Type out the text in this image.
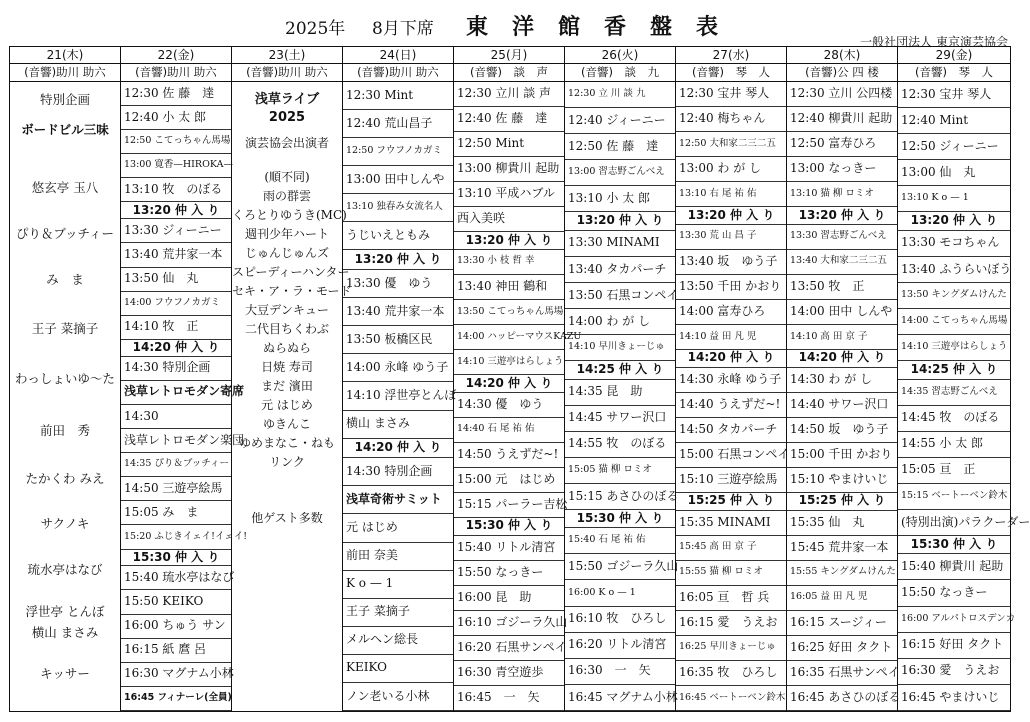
2025年 8月下席 東洋館香盤表
一般社団法人 東京演芸協会
21(木)
(音響)助川 助六
特別企画
ボードビル三味
悠玄亭 玉八
ぴり＆ブッチィー
み　ま
王子 菜摘子
わっしょいゆ～た
前田　秀
たかくわ みえ
サクノキ
琉水亭はなび
浮世亭 とんぼ
横山 まさみ
キッサー
22(金)
(音響)助川 助六
12:30 佐 藤　達
12:40 小 太 郎
12:50 こてっちゃん馬場
13:00 寛香—HIROKA—
13:10 牧　のぼる
13:20 仲 入 り
13:30 ジィーニー
13:40 荒井家一本
13:50 仙　丸
14:00 フウフノカガミ
14:10 牧　正
14:20 仲 入 り
14:30 特別企画
浅草レトロモダン寄席
14:30
浅草レトロモダン楽団
14:35 ぴり＆ブッチィー
14:50 三遊亭絵馬
15:05 み　ま
15:20 ふじきイェイ!イェイ!
15:30 仲 入 り
15:40 琉水亭はなび
15:50 KEIKO
16:00 ちゅう サン
16:15 紙 麿 呂
16:30 マグナム小林
16:45 フィナーレ(全員)
23(土)
(音響)助川 助六
浅草ライブ
2025
演芸協会出演者
(順不同)
雨の群雲
くろとりゆうき(MC)
週刊少年ハート
じゅんじゅんズ
スピーディーハンター
セキ・ア・ラ・モード
大豆デンキュー
二代目ちくわぶ
ぬらぬら
日焼 寿司
まだ 濱田
元 はじめ
ゆきんこ
ゆめまなこ・ねも
リンク
他ゲスト多数
24(日)
(音響)助川 助六
12:30 Mint
12:40 荒山昌子
12:50 フウフノカガミ
13:00 田中しんや
13:10 独春み女流名人
うじいえともみ
13:20 仲 入 り
13:30 優　ゆう
13:40 荒井家一本
13:50 板橋区民
14:00 永峰 ゆう子
14:10 浮世亭とんぼ
横山 まさみ
14:20 仲 入 り
14:30 特別企画
浅草奇術サミット
元 はじめ
前田 奈美
K o — 1
王子 菜摘子
メルヘン総長
KEIKO
ノン老いる小林
25(月)
(音響)　談　声
12:30 立川 談 声
12:40 佐 藤　達
12:50 Mint
13:00 柳貴川 起助
13:10 平成ハブル
西入美咲
13:20 仲 入 り
13:30 小 枝 哲 幸
13:40 神田 鶴和
13:50 こてっちゃん馬場
14:00 ハッピーマウスKAZU
14:10 三遊亭はらしょう
14:20 仲 入 り
14:30 優　ゆう
14:40 石 尾 祐 佑
14:50 うえずだ~!
15:00 元　はじめ
15:15 パーラー吉松
15:30 仲 入 り
15:40 リトル清宮
15:50 なっきー
16:00 昆　助
16:10 ゴジーラ久山
16:20 石黒サンペイ
16:30 青空遊歩
16:45　一　矢
26(火)
(音響)　談　九
12:30 立 川 談 九
12:40 ジィーニー
12:50 佐 藤　達
13:00 習志野ごんべえ
13:10 小 太 郎
13:20 仲 入 り
13:30 MINAMI
13:40 タカパーチ
13:50 石黒コンペイ
14:00 わ が し
14:10 早川きょーじゅ
14:25 仲 入 り
14:35 昆　助
14:45 サワー沢口
14:55 牧　のぼる
15:05 猫 柳 ロミオ
15:15 あさひのぼる
15:30 仲 入 り
15:40 石 尾 祐 佑
15:50 ゴジーラ久山
16:00 K o — 1
16:10 牧　ひろし
16:20 リトル清宮
16:30　一　矢
16:45 マグナム小林
27(水)
(音響)　琴　人
12:30 宝井 琴人
12:40 梅ちゃん
12:50 大和家二三二五
13:00 わ が し
13:10 右 尾 祐 佑
13:20 仲 入 り
13:30 荒 山 昌 子
13:40 坂　ゆう子
13:50 千田 かおり
14:00 富寿ひろ
14:10 益 田 凡 児
14:20 仲 入 り
14:30 永峰 ゆう子
14:40 うえずだ~!
14:50 タカパーチ
15:00 石黒コンペイ
15:10 三遊亭絵馬
15:25 仲 入 り
15:35 MINAMI
15:45 高 田 京 子
15:55 猫 柳 ロミオ
16:05 亘　哲 兵
16:15 愛　うえお
16:25 早川きょーじゅ
16:35 牧　ひろし
16:45 ベートーベン鈴木
28(木)
(音響)公 四 楼
12:30 立川 公四楼
12:40 柳貴川 起助
12:50 富寿ひろ
13:00 なっきー
13:10 猫 柳 ロミオ
13:20 仲 入 り
13:30 習志野ごんべえ
13:40 大和家二三二五
13:50 牧　正
14:00 田中 しんや
14:10 高 田 京 子
14:20 仲 入 り
14:30 わ が し
14:40 サワー沢口
14:50 坂　ゆう子
15:00 千田 かおり
15:10 やまけいじ
15:25 仲 入 り
15:35 仙　丸
15:45 荒井家一本
15:55 キングダムけんた
16:05 益 田 凡 児
16:15 スージィー
16:25 好田 タクト
16:35 石黒サンペイ
16:45 あさひのぼる
29(金)
(音響)　琴　人
12:30 宝井 琴人
12:40 Mint
12:50 ジィーニー
13:00 仙　丸
13:10 K o — 1
13:20 仲 入 り
13:30 モコちゃん
13:40 ふうらいぼう
13:50 キングダムけんた
14:00 こてっちゃん馬場
14:10 三遊亭はらしょう
14:25 仲 入 り
14:35 習志野ごんべえ
14:45 牧　のぼる
14:55 小 太 郎
15:05 亘　正
15:15 ベートーベン鈴木
(特別出演)パラクーダー
15:30 仲 入 り
15:40 柳貴川 起助
15:50 なっきー
16:00 アルパトロスデンカ
16:15 好田 タクト
16:30 愛　うえお
16:45 やまけいじ
